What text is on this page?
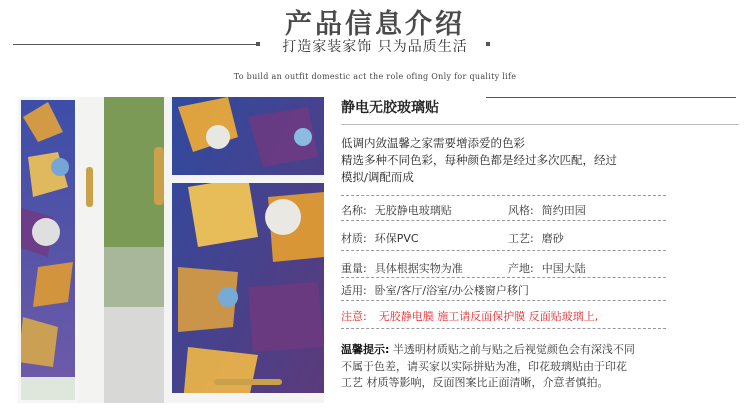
产品信息介绍
打造家装家饰 只为品质生活
To build an outfit domestic act the role ofing Only for quality life
静电无胶玻璃贴
低调内敛温馨之家需要增添爱的色彩
精选多种不同色彩，每种颜色都是经过多次匹配，经过
模拟/调配而成
名称: 无胶静电玻璃贴	风格: 简约田园
材质: 环保PVC	工艺: 磨砂
重量: 具体根据实物为准	产地: 中国大陆
适用: 卧室/客厅/浴室/办公楼窗户移门
注意: 无胶静电膜 施工请反面保护膜 反面贴玻璃上,
温馨提示: 半透明材质贴之前与贴之后视觉颜色会有深浅不同
不属于色差，请买家以实际拼贴为准，印花玻璃贴由于印花
工艺 材质等影响，反面图案比正面清晰，介意者慎拍。
